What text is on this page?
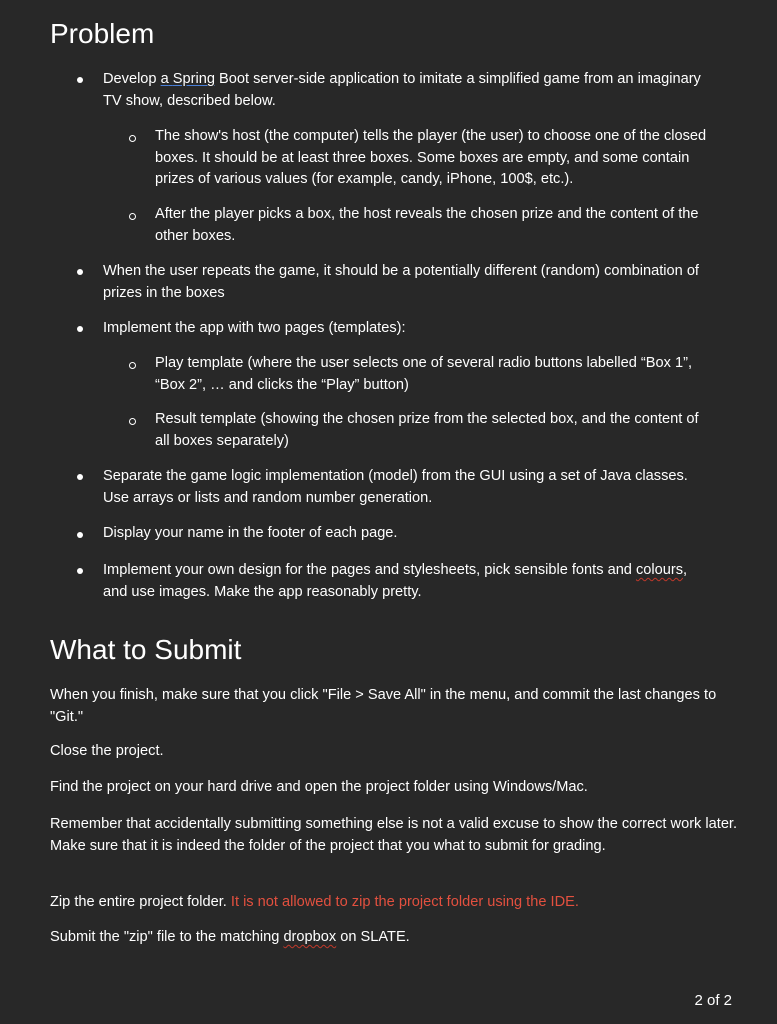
Problem
Develop a Spring Boot server-side application to imitate a simplified game from an imaginary TV show, described below.
The show's host (the computer) tells the player (the user) to choose one of the closed boxes. It should be at least three boxes. Some boxes are empty, and some contain prizes of various values (for example, candy, iPhone, 100$, etc.).
After the player picks a box, the host reveals the chosen prize and the content of the other boxes.
When the user repeats the game, it should be a potentially different (random) combination of prizes in the boxes
Implement the app with two pages (templates):
Play template (where the user selects one of several radio buttons labelled “Box 1”, “Box 2”, … and clicks the “Play” button)
Result template (showing the chosen prize from the selected box, and the content of all boxes separately)
Separate the game logic implementation (model) from the GUI using a set of Java classes. Use arrays or lists and random number generation.
Display your name in the footer of each page.
Implement your own design for the pages and stylesheets, pick sensible fonts and colours, and use images. Make the app reasonably pretty.
What to Submit
When you finish, make sure that you click "File > Save All" in the menu, and commit the last changes to "Git."
Close the project.
Find the project on your hard drive and open the project folder using Windows/Mac.
Remember that accidentally submitting something else is not a valid excuse to show the correct work later. Make sure that it is indeed the folder of the project that you what to submit for grading.
Zip the entire project folder. It is not allowed to zip the project folder using the IDE.
Submit the "zip" file to the matching dropbox on SLATE.
2 of 2
